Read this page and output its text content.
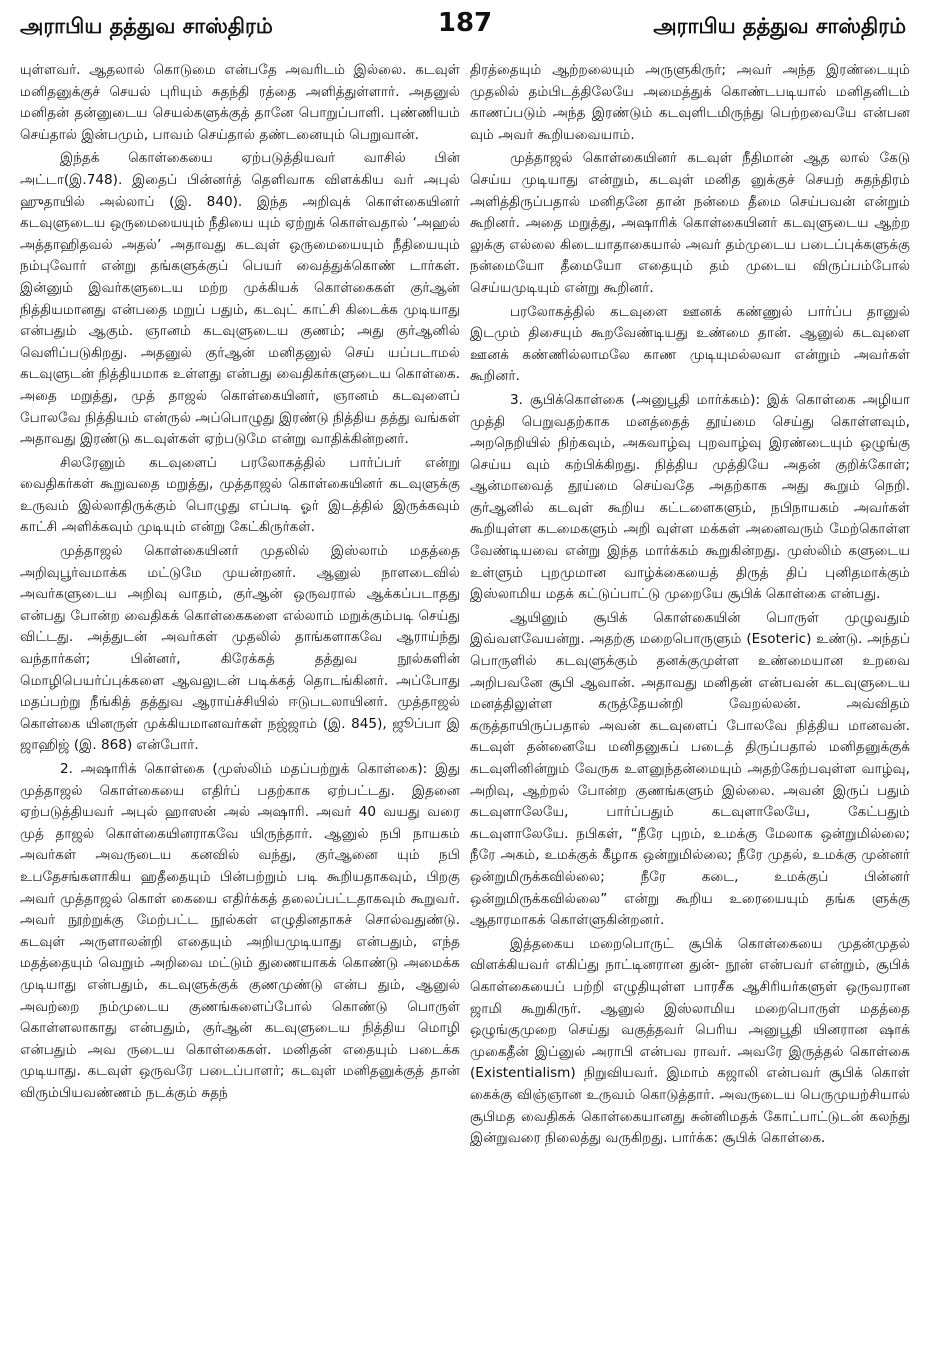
அராபிய தத்துவ சாஸ்திரம்	187	அராபிய தத்துவ சாஸ்திரம்

யுள்ளவர். ஆதலால் கொடுமை என்பதே அவரிடம் இல்லை. கடவுள் மனிதனுக்குச் செயல் புரியும் சுதந்தி ரத்தை அளித்துள்ளார். அதனுல் மனிதன் தன்னுடைய செயல்களுக்குத் தானே பொறுப்பாளி. புண்ணியம் செய்தால் இன்பமும், பாவம் செய்தால் தண்டனையும் பெறுவான்.

இந்தக் கொள்கையை ஏற்படுத்தியவர் வாசில் பின் அட்டா(இ.748). இதைப் பின்னர்த் தெளிவாக விளக்கிய வர் அபுல் ஹுதாயில் அல்லாப் (இ. 840). இந்த அறிவுக் கொள்கையினர் கடவுளுடைய ஒருமையையும் நீதியை யும் ஏற்றுக் கொள்வதால் ‘அஹல் அத்தாஹிதவல் அதல்’ அதாவது கடவுள் ஒருமையையும் நீதியையும் நம்புவோர் என்று தங்களுக்குப் பெயர் வைத்துக்கொண் டார்கள். இன்னும் இவர்களுடைய மற்ற முக்கியக் கொள்கைகள் குர்ஆன் நித்தியமானது என்பதை மறுப் பதும், கடவுட் காட்சி கிடைக்க முடியாது என்பதும் ஆகும். ஞானம் கடவுளுடைய குணம்; அது குர்ஆனில் வெளிப்படுகிறது. அதனுல் குர்ஆன் மனிதனுல் செய் யப்படாமல் கடவுளுடன் நித்தியமாக உள்ளது என்பது வைதிகர்களுடைய கொள்கை. அதை மறுத்து, முத் தாஜல் கொள்கையினர், ஞானம் கடவுளைப் போலவே நித்தியம் என்ருல் அப்பொழுது இரண்டு நித்திய தத்து வங்கள் அதாவது இரண்டு கடவுள்கள் ஏற்படுமே என்று வாதிக்கின்றனர்.

சிலரேனும் கடவுளைப் பரலோகத்தில் பார்ப்பர் என்று வைதிகர்கள் கூறுவதை மறுத்து, முத்தாஜல் கொள்கையினர் கடவுளுக்கு உருவம் இல்லாதிருக்கும் பொழுது எப்படி ஓர் இடத்தில் இருக்கவும் காட்சி அளிக்கவும் முடியும் என்று கேட்கிருர்கள்.

முத்தாஜல் கொள்கையினர் முதலில் இஸ்லாம் மதத்தை அறிவுபூர்வமாக்க மட்டுமே முயன்றனர். ஆனுல் நாளடைவில் அவர்களுடைய அறிவு வாதம், குர்ஆன் ஒருவரால் ஆக்கப்படாதது என்பது போன்ற வைதிகக் கொள்கைகளை எல்லாம் மறுக்கும்படி செய்து விட்டது. அத்துடன் அவர்கள் முதலில் தாங்களாகவே ஆராய்ந்து வந்தார்கள்; பின்னர், கிரேக்கத் தத்துவ நூல்களின் மொழிபெயர்ப்புக்களை ஆவலுடன் படிக்கத் தொடங்கினர். அப்போது மதப்பற்று நீங்கித் தத்துவ ஆராய்ச்சியில் ஈடுபடலாயினர். முத்தாஜல் கொள்கை யினருள் முக்கியமானவர்கள் நஜ்ஜாம் (இ. 845), ஜூப்பா இ ஜாஹிஜ் (இ. 868) என்போர்.

2. அஷாரிக் கொள்கை (முஸ்லிம் மதப்பற்றுக் கொள்கை): இது முத்தாஜல் கொள்கையை எதிர்ப் பதற்காக ஏற்பட்டது. இதனை ஏற்படுத்தியவர் அபுல் ஹாஸன் அல் அஷாரி. அவர் 40 வயது வரை முத் தாஜல் கொள்கையினராகவே யிருந்தார். ஆனுல் நபி நாயகம் அவர்கள் அவருடைய கனவில் வந்து, குர்ஆனை யும் நபி உபதேசங்களாகிய ஹதீதையும் பின்பற்றும் படி கூறியதாகவும், பிறகு அவர் முத்தாஜல் கொள் கையை எதிர்க்கத் தலைப்பட்டதாகவும் கூறுவர். அவர் நூற்றுக்கு மேற்பட்ட நூல்கள் எழுதினதாகச் சொல்வதுண்டு. கடவுள் அருளாலன்றி எதையும் அறியமுடியாது என்பதும், எந்த மதத்தையும் வெறும் அறிவை மட்டும் துணையாகக் கொண்டு அமைக்க முடியாது என்பதும், கடவுளுக்குக் குணமுண்டு என்ப தும், ஆனுல் அவற்றை நம்முடைய குணங்களைப்போல் கொண்டு பொருள் கொள்ளலாகாது என்பதும், குர்ஆன் கடவுளுடைய நித்திய மொழி என்பதும் அவ ருடைய கொள்கைகள். மனிதன் எதையும் படைக்க முடியாது. கடவுள் ஒருவரே படைப்பாளர்; கடவுள் மனிதனுக்குத் தான் விரும்பியவண்ணம் நடக்கும் சுதந்

திரத்தையும் ஆற்றலையும் அருளுகிருர்; அவர் அந்த இரண்டையும் முதலில் தம்பிடத்திலேயே அமைத்துக் கொண்டபடியால் மனிதனிடம் காணப்படும் அந்த இரண்டும் கடவுளிடமிருந்து பெற்றவையே என்பன வும் அவர் கூறியவையாம்.

முத்தாஜல் கொள்கையினர் கடவுள் நீதிமான் ஆத லால் கேடு செய்ய முடியாது என்றும், கடவுள் மனித னுக்குச் செயற் சுதந்திரம் அளித்திருப்பதால் மனிதனே தான் நன்மை தீமை செய்பவன் என்றும் கூறினர். அதை மறுத்து, அஷாரிக் கொள்கையினர் கடவுளுடைய ஆற்ற லுக்கு எல்லை கிடையாதாகையால் அவர் தம்முடைய படைப்புக்களுக்கு நன்மையோ தீமையோ எதையும் தம் முடைய விருப்பம்போல் செய்யமுடியும் என்று கூறினர்.

பரலோகத்தில் கடவுளை ஊனக் கண்ணுல் பார்ப்ப தானுல் இடமும் திசையும் கூறவேண்டியது உண்மை தான். ஆனுல் கடவுளை ஊனக் கண்ணில்லாமலே காண முடியுமல்லவா என்றும் அவர்கள் கூறினர்.

3. சூபிக்கொள்கை (அனுபூதி மார்க்கம்): இக் கொள்கை அழியா முத்தி பெறுவதற்காக மனத்தைத் தூய்மை செய்து கொள்ளவும், அறநெறியில் நிற்கவும், அகவாழ்வு புறவாழ்வு இரண்டையும் ஒழுங்கு செய்ய வும் கற்பிக்கிறது. நித்திய முத்தியே அதன் குறிக்கோள்; ஆன்மாவைத் தூய்மை செய்வதே அதற்காக அது கூறும் நெறி. குர்ஆனில் கடவுள் கூறிய கட்டளைகளும், நபிநாயகம் அவர்கள் கூறியுள்ள கடமைகளும் அறி வுள்ள மக்கள் அனைவரும் மேற்கொள்ள வேண்டியவை என்று இந்த மார்க்கம் கூறுகின்றது. முஸ்லிம் களுடைய உள்ளும் புறமுமான வாழ்க்கையைத் திருத் திப் புனிதமாக்கும் இஸ்லாமிய மதக் கட்டுப்பாட்டு முறையே சூபிக் கொள்கை என்பது.

ஆயினும் சூபிக் கொள்கையின் பொருள் முழுவதும் இவ்வளவேயன்று. அதற்கு மறைபொருளும் (Esoteric) உண்டு. அந்தப் பொருளில் கடவுளுக்கும் தனக்குமுள்ள உண்மையான உறவை அறிபவனே சூபி ஆவான். அதாவது மனிதன் என்பவன் கடவுளுடைய மனத்திலுள்ள கருத்தேயன்றி வேறல்லன். அவ்விதம் கருத்தாயிருப்பதால் அவன் கடவுளைப் போலவே நித்திய மானவன். கடவுள் தன்னையே மனிதனுகப் படைத் திருப்பதால் மனிதனுக்குக் கடவுளினின்றும் வேருக உளனுந்தன்மையும் அதற்கேற்பவுள்ள வாழ்வு, அறிவு, ஆற்றல் போன்ற குணங்களும் இல்லை. அவன் இருப் பதும் கடவுளாலேயே, பார்ப்பதும் கடவுளாலேயே, கேட்பதும் கடவுளாலேயே. நபிகள், “நீரே புறம், உமக்கு மேலாக ஒன்றுமில்லை; நீரே அகம், உமக்குக் கீழாக ஒன்றுமில்லை; நீரே முதல், உமக்கு முன்னர் ஒன்றுமிருக்கவில்லை; நீரே கடை, உமக்குப் பின்னர் ஒன்றுமிருக்கவில்லை” என்று கூறிய உரையையும் தங்க ளுக்கு ஆதாரமாகக் கொள்ளுகின்றனர்.

இத்தகைய மறைபொருட் சூபிக் கொள்கையை முதன்முதல் விளக்கியவர் எகிப்து நாட்டினரான துன்- நூன் என்பவர் என்றும், சூபிக் கொள்கையைப் பற்றி எழுதியுள்ள பாரசீக ஆசிரியர்களுள் ஒருவரான ஜாமி கூறுகிருர். ஆனுல் இஸ்லாமிய மறைபொருள் மதத்தை ஒழுங்குமுறை செய்து வகுத்தவர் பெரிய அனுபூதி யினரான ஷாக் முகைதீன் இப்னுல் அராபி என்பவ ராவர். அவரே இருத்தல் கொள்கை (Existentialism) நிறுவியவர். இமாம் கஜாலி என்பவர் சூபிக் கொள் கைக்கு விஞ்ஞான உருவம் கொடுத்தார். அவருடைய பெருமுயற்சியால் சூபிமத வைதிகக் கொள்கையானது சுன்னிமதக் கோட்பாட்டுடன் கலந்து இன்றுவரை நிலைத்து வருகிறது. பார்க்க: சூபிக் கொள்கை.
